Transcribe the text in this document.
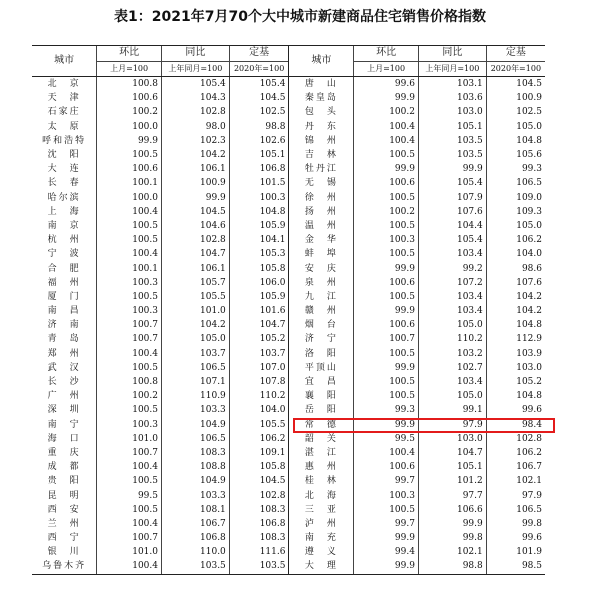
表1：2021年7月70个大中城市新建商品住宅销售价格指数
城市	环比	同比	定基	城市	环比	同比	定基
	上月=100	上年同月=100	2020年=100		上月=100	上年同月=100	2020年=100
北　京	100.8	105.4	105.4	唐　山	99.6	103.1	104.5
天　津	100.6	104.3	104.5	秦皇岛	99.9	103.6	100.9
石家庄	100.2	102.8	102.5	包　头	100.2	103.0	102.5
太　原	100.0	98.0	98.8	丹　东	100.4	105.1	105.0
呼和浩特	99.9	102.3	102.6	锦　州	100.4	103.5	104.8
沈　阳	100.5	104.2	105.1	吉　林	100.5	103.5	105.6
大　连	100.6	106.1	106.8	牡丹江	99.9	99.9	99.3
长　春	100.1	100.9	101.5	无　锡	100.6	105.4	106.5
哈尔滨	100.0	99.9	100.3	徐　州	100.5	107.9	109.0
上　海	100.4	104.5	104.8	扬　州	100.2	107.6	109.3
南　京	100.5	104.6	105.9	温　州	100.5	104.4	105.0
杭　州	100.5	102.8	104.1	金　华	100.3	105.4	106.2
宁　波	100.4	104.7	105.3	蚌　埠	100.5	103.4	104.0
合　肥	100.1	106.1	105.8	安　庆	99.9	99.2	98.6
福　州	100.3	105.7	106.0	泉　州	100.6	107.2	107.6
厦　门	100.5	105.5	105.9	九　江	100.5	103.4	104.2
南　昌	100.3	101.0	101.6	赣　州	99.9	103.4	104.2
济　南	100.7	104.2	104.7	烟　台	100.6	105.0	104.8
青　岛	100.7	105.0	105.2	济　宁	100.7	110.2	112.9
郑　州	100.4	103.7	103.7	洛　阳	100.5	103.2	103.9
武　汉	100.5	106.5	107.0	平顶山	99.9	102.7	103.0
长　沙	100.8	107.1	107.8	宜　昌	100.5	103.4	105.2
广　州	100.2	110.9	110.2	襄　阳	100.5	105.0	104.8
深　圳	100.5	103.3	104.0	岳　阳	99.3	99.1	99.6
南　宁	100.3	104.9	105.5	常　德	99.9	97.9	98.4
海　口	101.0	106.5	106.2	韶　关	99.5	103.0	102.8
重　庆	100.7	108.3	109.1	湛　江	100.4	104.7	106.2
成　都	100.4	108.8	105.8	惠　州	100.6	105.1	106.7
贵　阳	100.5	104.9	104.5	桂　林	99.7	101.2	102.1
昆　明	99.5	103.3	102.8	北　海	100.3	97.7	97.9
西　安	100.5	108.1	108.3	三　亚	100.5	106.6	106.5
兰　州	100.4	106.7	106.8	泸　州	99.7	99.9	99.8
西　宁	100.7	106.8	108.3	南　充	99.9	99.8	99.6
银　川	101.0	110.0	111.6	遵　义	99.4	102.1	101.9
乌鲁木齐	100.4	103.5	103.5	大　理	99.9	98.8	98.5
